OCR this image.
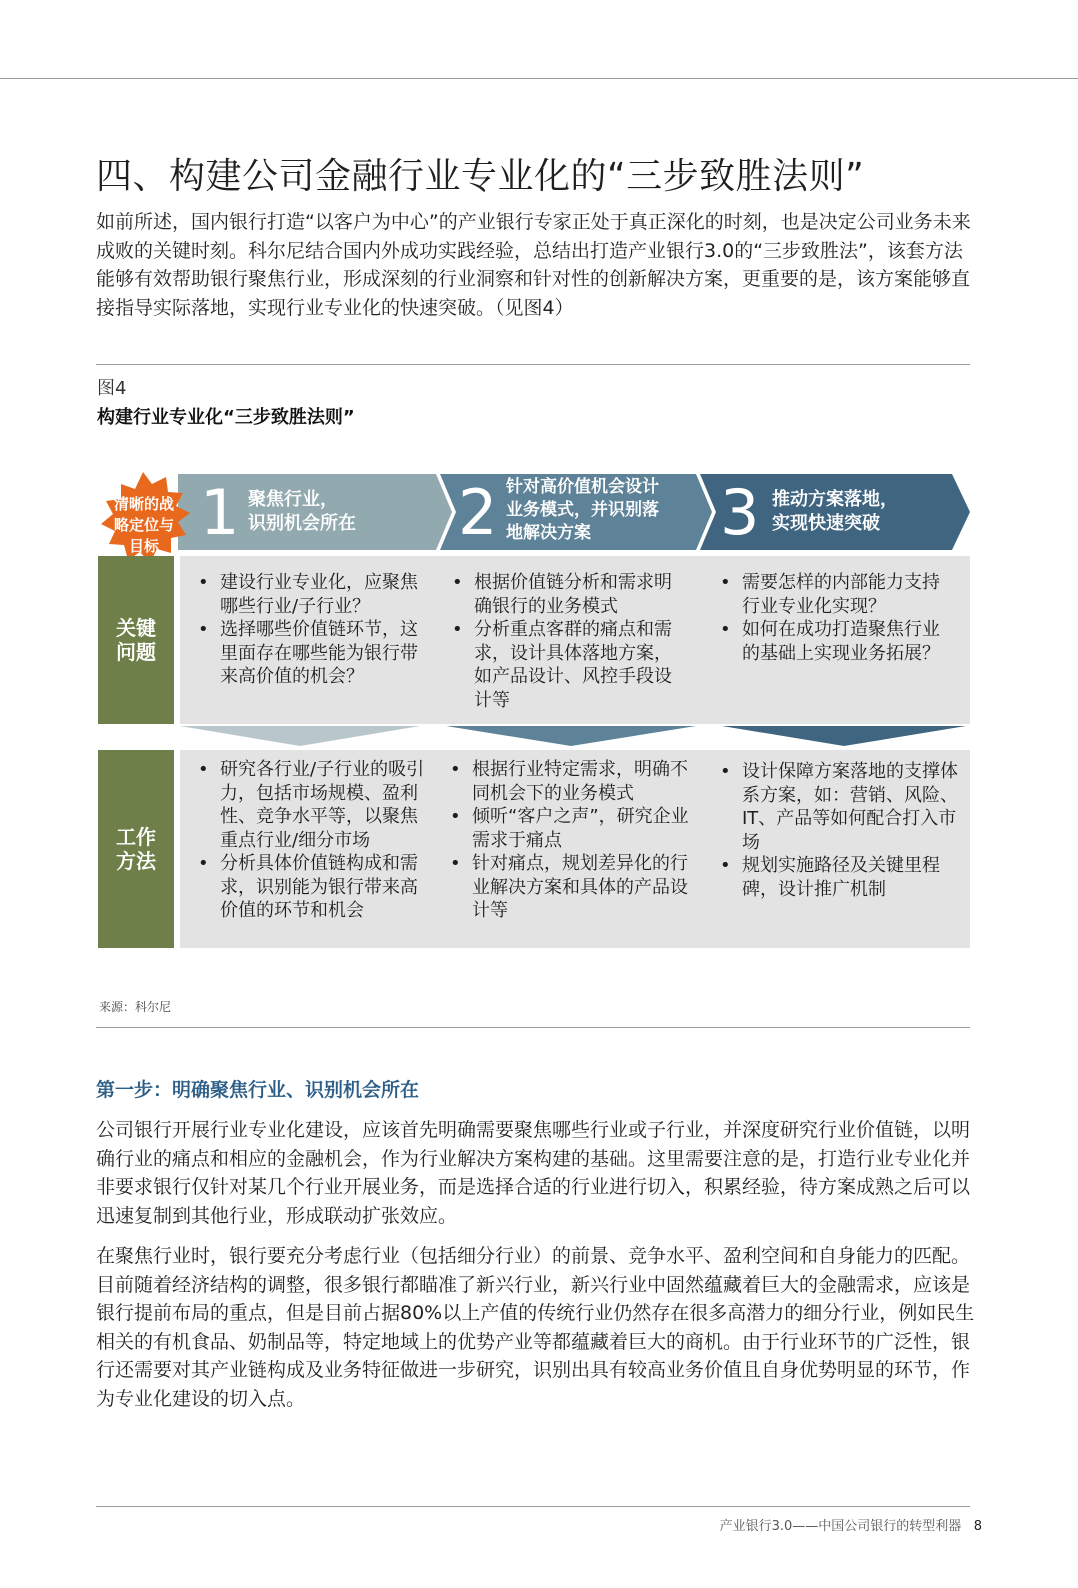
四、构建公司金融行业专业化的“三步致胜法则”

如前所述，国内银行打造“以客户为中心”的产业银行专家正处于真正深化的时刻，也是决定公司业务未来成败的关键时刻。科尔尼结合国内外成功实践经验，总结出打造产业银行3.0的“三步致胜法”，该套方法能够有效帮助银行聚焦行业，形成深刻的行业洞察和针对性的创新解决方案，更重要的是，该方案能够直接指导实际落地，实现行业专业化的快速突破。（见图4）

图4
构建行业专业化“三步致胜法则”
清晰的战
略定位与
目标 1 聚焦行业，
识别机会所在 2 针对高价值机会设计
业务模式，并识别落
地解决方案	3 推动方案落地，
实现快速突破
关键
问题
工作
方法
• 建设行业专业化，应聚焦哪些行业/子行业？
• 选择哪些价值链环节，这里面存在哪些能为银行带来高价值的机会？
• 根据价值链分析和需求明确银行的业务模式
• 分析重点客群的痛点和需求，设计具体落地方案，如产品设计、风控手段设计等
• 需要怎样的内部能力支持行业专业化实现？
• 如何在成功打造聚焦行业的基础上实现业务拓展？
• 研究各行业/子行业的吸引力，包括市场规模、盈利性、竞争水平等，以聚焦重点行业/细分市场
• 分析具体价值链构成和需求，识别能为银行带来高价值的环节和机会
• 根据行业特定需求，明确不同机会下的业务模式
• 倾听“客户之声”，研究企业需求于痛点
• 针对痛点，规划差异化的行业解决方案和具体的产品设计等
• 设计保障方案落地的支撑体系方案，如：营销、风险、IT、产品等如何配合打入市场
• 规划实施路径及关键里程碑，设计推广机制
来源：科尔尼
第一步：明确聚焦行业、识别机会所在

公司银行开展行业专业化建设，应该首先明确需要聚焦哪些行业或子行业，并深度研究行业价值链，以明确行业的痛点和相应的金融机会，作为行业解决方案构建的基础。这里需要注意的是，打造行业专业化并非要求银行仅针对某几个行业开展业务，而是选择合适的行业进行切入，积累经验，待方案成熟之后可以迅速复制到其他行业，形成联动扩张效应。

在聚焦行业时，银行要充分考虑行业（包括细分行业）的前景、竞争水平、盈利空间和自身能力的匹配。目前随着经济结构的调整，很多银行都瞄准了新兴行业，新兴行业中固然蕴藏着巨大的金融需求，应该是银行提前布局的重点，但是目前占据80%以上产值的传统行业仍然存在很多高潜力的细分行业，例如民生相关的有机食品、奶制品等，特定地域上的优势产业等都蕴藏着巨大的商机。由于行业环节的广泛性，银行还需要对其产业链构成及业务特征做进一步研究，识别出具有较高业务价值且自身优势明显的环节，作为专业化建设的切入点。

产业银行3.0——中国公司银行的转型利器 8
